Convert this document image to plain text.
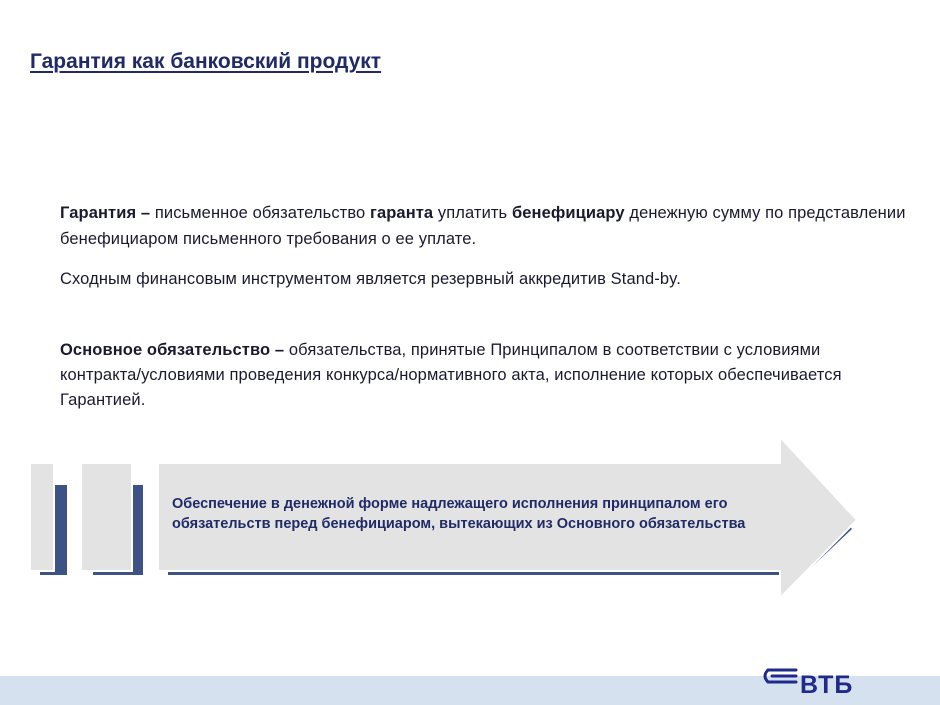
Гарантия как банковский продукт
Гарантия – письменное обязательство гаранта уплатить бенефициару денежную сумму по представлении бенефициаром письменного требования о ее уплате.
Сходным финансовым инструментом является резервный аккредитив Stand-by.
Основное обязательство – обязательства, принятые Принципалом в соответствии с условиями контракта/условиями проведения конкурса/нормативного акта, исполнение которых обеспечивается Гарантией.
Обеспечение в денежной форме надлежащего исполнения принципалом его обязательств перед бенефициаром, вытекающих из Основного обязательства
ВТБ
